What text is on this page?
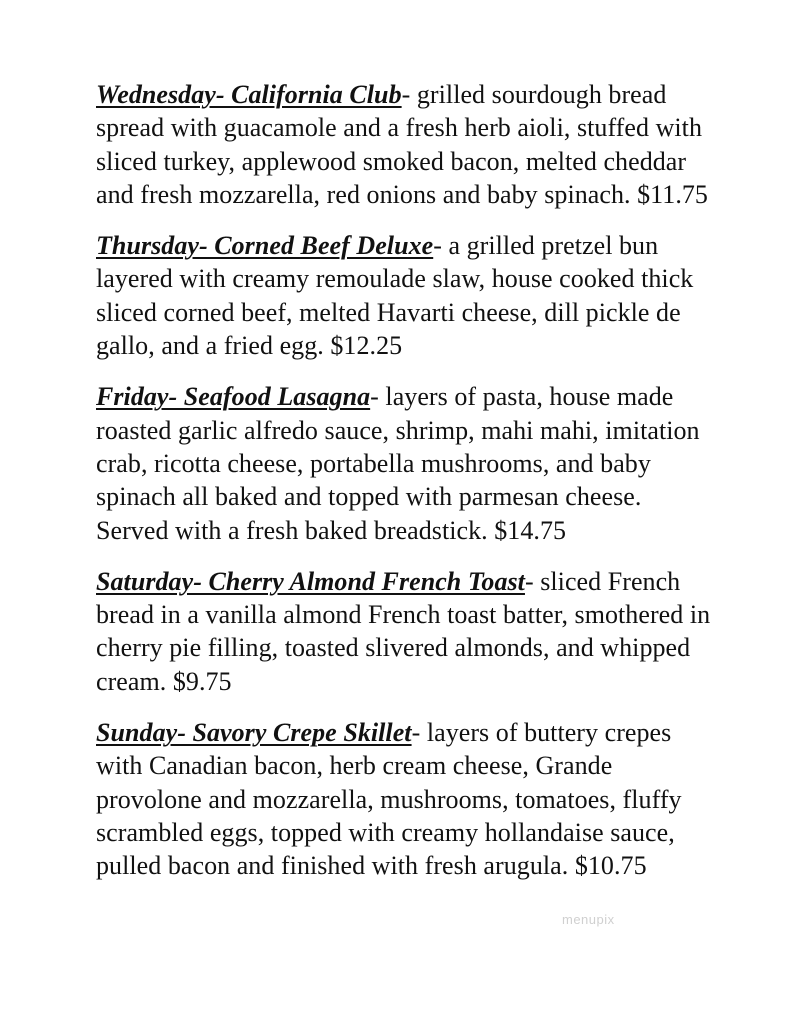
Wednesday- California Club- grilled sourdough bread spread with guacamole and a fresh herb aioli, stuffed with sliced turkey, applewood smoked bacon, melted cheddar and fresh mozzarella, red onions and baby spinach. $11.75

Thursday- Corned Beef Deluxe- a grilled pretzel bun layered with creamy remoulade slaw, house cooked thick sliced corned beef, melted Havarti cheese, dill pickle de gallo, and a fried egg. $12.25

Friday- Seafood Lasagna- layers of pasta, house made roasted garlic alfredo sauce, shrimp, mahi mahi, imitation crab, ricotta cheese, portabella mushrooms, and baby spinach all baked and topped with parmesan cheese. Served with a fresh baked breadstick. $14.75

Saturday- Cherry Almond French Toast- sliced French bread in a vanilla almond French toast batter, smothered in cherry pie filling, toasted slivered almonds, and whipped cream. $9.75

Sunday- Savory Crepe Skillet- layers of buttery crepes with Canadian bacon, herb cream cheese, Grande provolone and mozzarella, mushrooms, tomatoes, fluffy scrambled eggs, topped with creamy hollandaise sauce, pulled bacon and finished with fresh arugula. $10.75

menupix
